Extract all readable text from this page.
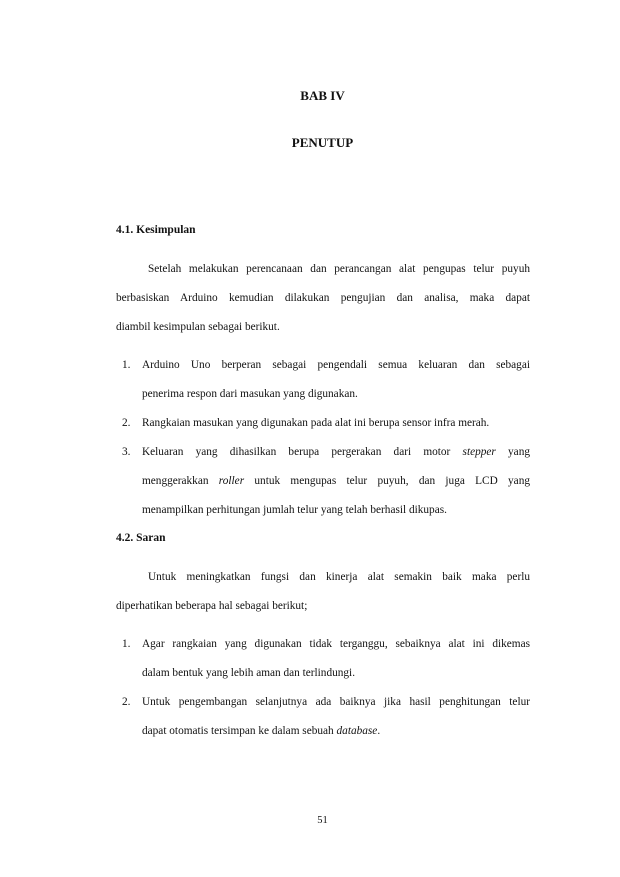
BAB IV
PENUTUP
4.1. Kesimpulan
Setelah melakukan perencanaan dan perancangan alat pengupas telur puyuh
berbasiskan Arduino kemudian dilakukan pengujian dan analisa, maka dapat
diambil kesimpulan sebagai berikut.
1. Arduino Uno berperan sebagai pengendali semua keluaran dan sebagai
penerima respon dari masukan yang digunakan.
2. Rangkaian masukan yang digunakan pada alat ini berupa sensor infra merah.
3. Keluaran yang dihasilkan berupa pergerakan dari motor stepper yang
menggerakkan roller untuk mengupas telur puyuh, dan juga LCD yang
menampilkan perhitungan jumlah telur yang telah berhasil dikupas.
4.2. Saran
Untuk meningkatkan fungsi dan kinerja alat semakin baik maka perlu
diperhatikan beberapa hal sebagai berikut;
1. Agar rangkaian yang digunakan tidak terganggu, sebaiknya alat ini dikemas
dalam bentuk yang lebih aman dan terlindungi.
2. Untuk pengembangan selanjutnya ada baiknya jika hasil penghitungan telur
dapat otomatis tersimpan ke dalam sebuah database.
51
